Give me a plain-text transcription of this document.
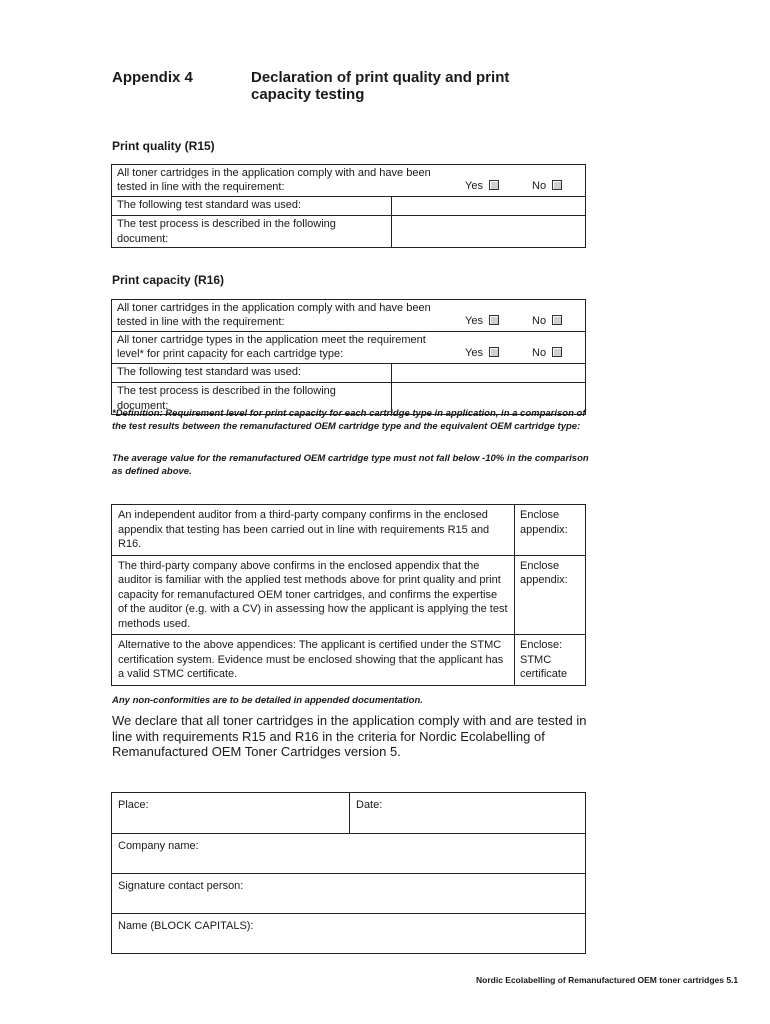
Appendix 4	Declaration of print quality and print capacity testing
Print quality (R15)
All toner cartridges in the application comply with and have been
tested in line with the requirement: Yes No	

The following test standard was used:	
The test process is described in the following document:	
Print capacity (R16)
All toner cartridges in the application comply with and have been
tested in line with the requirement: Yes No	

All toner cartridge types in the application meet the requirement
level* for print capacity for each cartridge type: Yes No	

The following test standard was used:	
The test process is described in the following document:	
*Definition: Requirement level for print capacity for each cartridge type in application, in a comparison of the test results between the remanufactured OEM cartridge type and the equivalent OEM cartridge type:
The average value for the remanufactured OEM cartridge type must not fall below -10% in the comparison as defined above.
An independent auditor from a third-party company confirms in the enclosed appendix that testing has been carried out in line with requirements R15 and R16.	Enclose appendix:
The third-party company above confirms in the enclosed appendix that the auditor is familiar with the applied test methods above for print quality and print capacity for remanufactured OEM toner cartridges, and confirms the expertise of the auditor (e.g. with a CV) in assessing how the applicant is applying the test methods used.	Enclose appendix:
Alternative to the above appendices: The applicant is certified under the STMC certification system. Evidence must be enclosed showing that the applicant has a valid STMC certificate.	Enclose: STMC certificate
Any non-conformities are to be detailed in appended documentation.
We declare that all toner cartridges in the application comply with and are tested in line with requirements R15 and R16 in the criteria for Nordic Ecolabelling of Remanufactured OEM Toner Cartridges version 5.
Place:	Date:
Company name:
Signature contact person:
Name (BLOCK CAPITALS):
Nordic Ecolabelling of Remanufactured OEM toner cartridges 5.1
